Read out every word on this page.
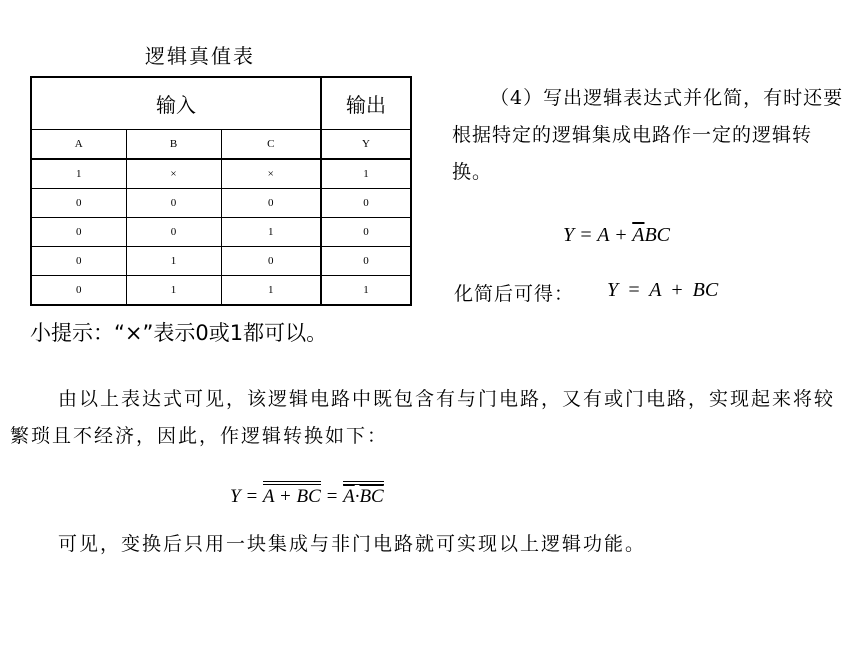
逻辑真值表
输入			输出
A	B	C	Y
1	×	×	1
0	0	0	0
0	0	1	0
0	1	0	0
0	1	1	1
小提示：“×”表示0或1都可以。
（4）写出逻辑表达式并化简，有时还要根据特定的逻辑集成电路作一定的逻辑转换。
$Y = A + \overline{A}BC$
化简后可得： Y = A + BC
由以上表达式可见，该逻辑电路中既包含有与门电路，又有或门电路，实现起来将较繁琐且不经济，因此，作逻辑转换如下：
Y = A + BC = $\overline{A}\cdot\overline{BC}$
可见，变换后只用一块集成与非门电路就可实现以上逻辑功能。
